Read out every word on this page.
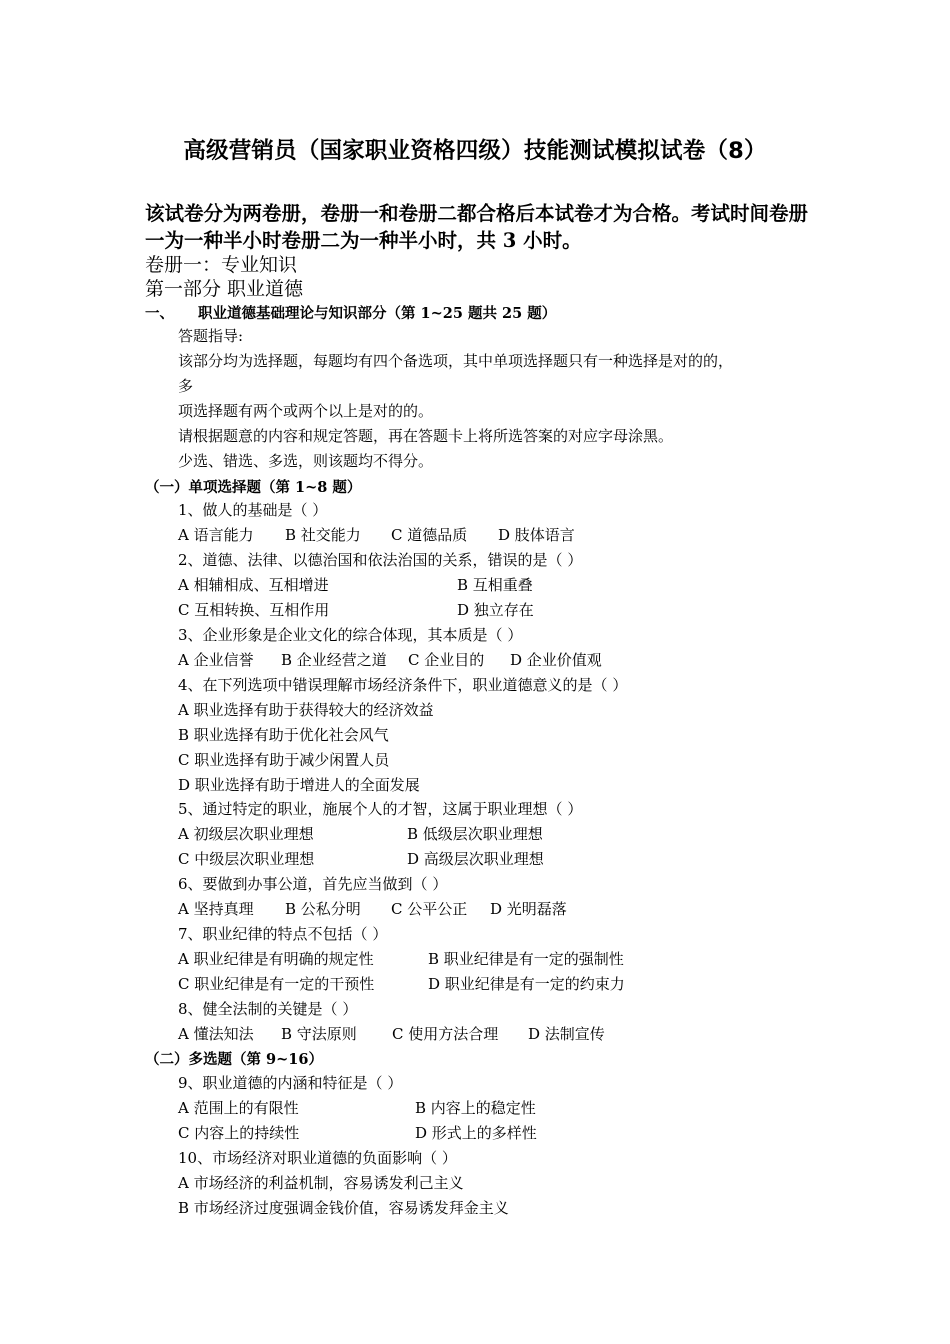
高级营销员（国家职业资格四级）技能测试模拟试卷（8）
该试卷分为两卷册，卷册一和卷册二都合格后本试卷才为合格。考试时间卷册一为一种半小时卷册二为一种半小时，共 3 小时。
卷册一：专业知识
第一部分 职业道德
一、 职业道德基础理论与知识部分（第 1~25 题共 25 题）
答题指导:
该部分均为选择题，每题均有四个备选项，其中单项选择题只有一种选择是对的的，
多
项选择题有两个或两个以上是对的的。
请根据题意的内容和规定答题，再在答题卡上将所选答案的对应字母涂黑。
少选、错选、多选，则该题均不得分。
（一）单项选择题（第 1~8 题）
1、做人的基础是（ ）
A 语言能力 B 社交能力 C 道德品质 D 肢体语言
2、道德、法律、以德治国和依法治国的关系，错误的是（ ）
A 相辅相成、互相增进	B 互相重叠
C 互相转换、互相作用	D 独立存在
3、企业形象是企业文化的综合体现，其本质是（ ）
A 企业信誉 B 企业经营之道 C 企业目的 D 企业价值观
4、在下列选项中错误理解市场经济条件下，职业道德意义的是（ ）
A 职业选择有助于获得较大的经济效益
B 职业选择有助于优化社会风气
C 职业选择有助于减少闲置人员
D 职业选择有助于增进人的全面发展
5、通过特定的职业，施展个人的才智，这属于职业理想（ ）
A 初级层次职业理想	B 低级层次职业理想
C 中级层次职业理想	D 高级层次职业理想
6、要做到办事公道，首先应当做到（ ）
A 坚持真理 B 公私分明 C 公平公正 D 光明磊落
7、职业纪律的特点不包括（ ）
A 职业纪律是有明确的规定性	B 职业纪律是有一定的强制性
C 职业纪律是有一定的干预性	D 职业纪律是有一定的约束力
8、健全法制的关键是（ ）
A 懂法知法 B 守法原则 C 使用方法合理 D 法制宣传
（二）多选题（第 9~16）
9、职业道德的内涵和特征是（ ）
A 范围上的有限性	B 内容上的稳定性
C 内容上的持续性	D 形式上的多样性
10、市场经济对职业道德的负面影响（ ）
A 市场经济的利益机制，容易诱发利己主义
B 市场经济过度强调金钱价值，容易诱发拜金主义
